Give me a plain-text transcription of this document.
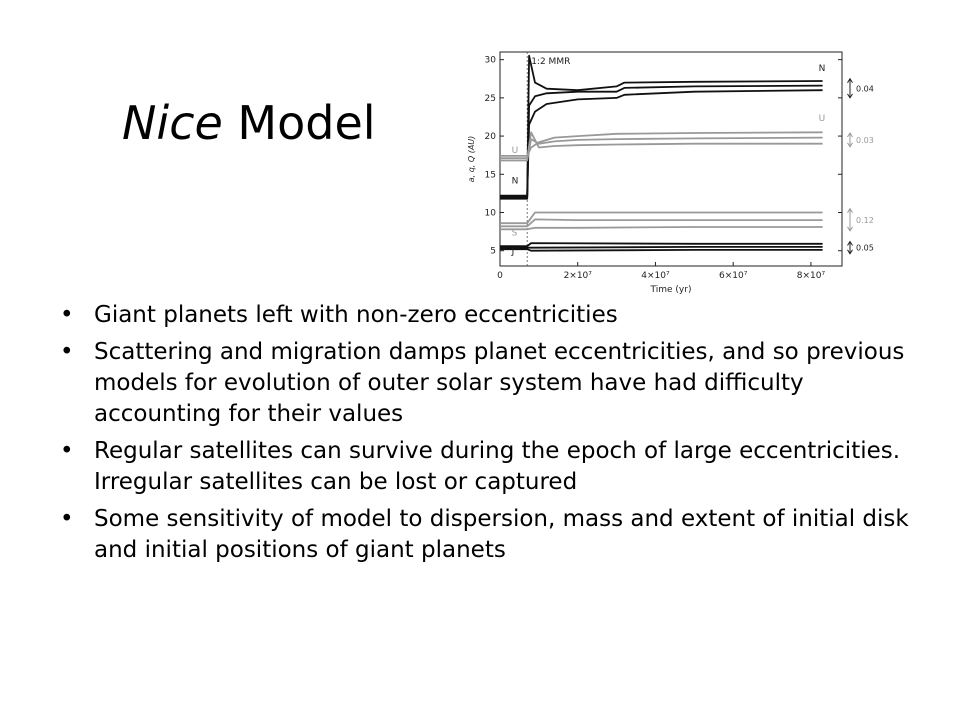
Nice Model
1:2 MMR
0	2×10⁷	4×10⁷	6×10⁷	8×10⁷
5
10
15
20
25
30
Time (yr)
a, q, Q (AU)
N
U
U
N
S
J
0.04
0.03
0.12
0.05
• Giant planets left with non-zero eccentricities
• Scattering and migration damps planet eccentricities, and so previous models for evolution of outer solar system have had difficulty accounting for their values
• Regular satellites can survive during the epoch of large eccentricities. Irregular satellites can be lost or captured
• Some sensitivity of model to dispersion, mass and extent of initial disk and initial positions of giant planets
